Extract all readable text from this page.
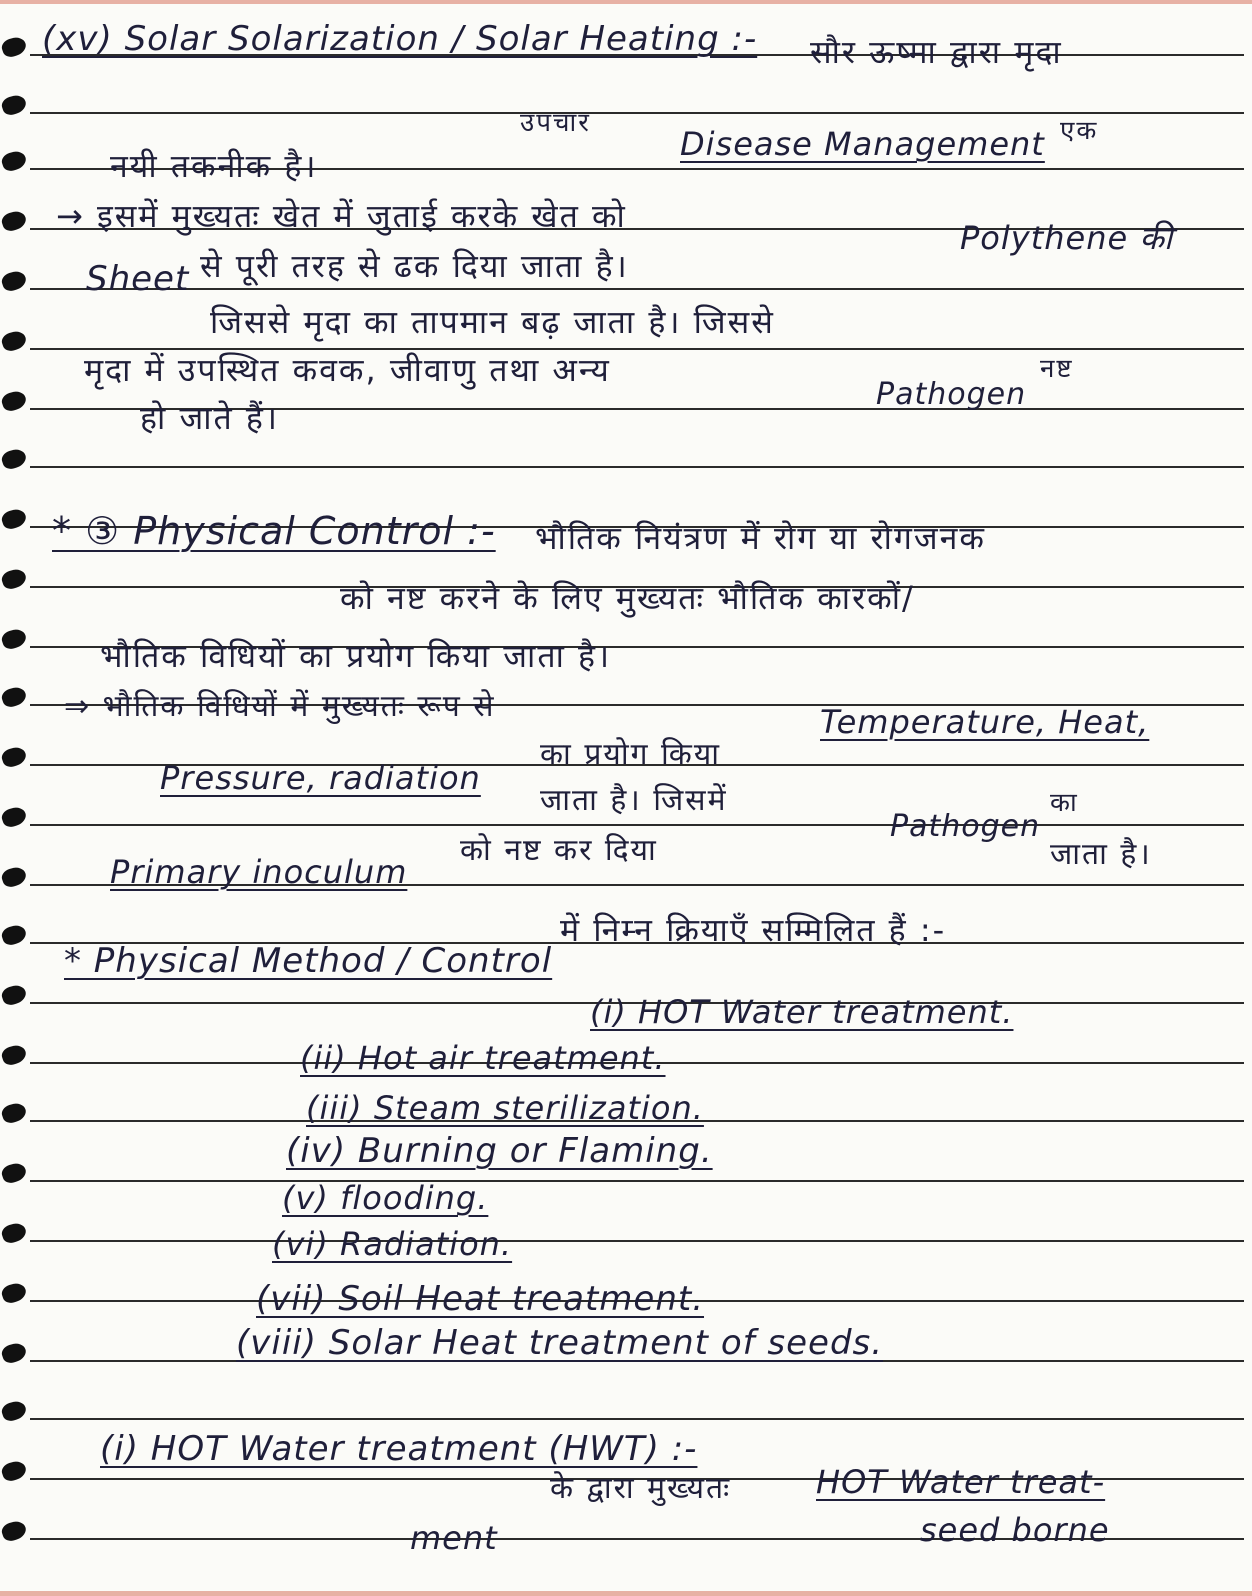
(xv) Solar Solarization / Solar Heating :- सौर ऊष्मा द्वारा मृदा
उपचार
Disease Management एक
नयी तकनीक है।
→ इसमें मुख्यतः खेत में जुताई करके खेत को
Polythene की
Sheet से पूरी तरह से ढक दिया जाता है।
जिससे मृदा का तापमान बढ़ जाता है। जिससे
मृदा में उपस्थित कवक, जीवाणु तथा अन्य
Pathogen
नष्ट
हो जाते हैं।
* ③ Physical Control :- भौतिक नियंत्रण में रोग या रोगजनक
को नष्ट करने के लिए मुख्यतः भौतिक कारकों/
भौतिक विधियों का प्रयोग किया जाता है।
⇒ भौतिक विधियों में मुख्यतः रूप से	Temperature, Heat,
का प्रयोग किया
Pressure, radiation
जाता है। जिसमें
Pathogen
का
को नष्ट कर दिया	जाता है।
Primary inoculum
* Physical Method / Control
में निम्न क्रियाएँ सम्मिलित हैं :-
(i) HOT Water treatment.
(ii) Hot air treatment.
(iii) Steam sterilization.
(iv) Burning or Flaming.
(v) flooding.
(vi) Radiation.
(vii) Soil Heat treatment.
(viii) Solar Heat treatment of seeds.
(i) HOT Water treatment (HWT) :-
के द्वारा मुख्यतः	HOT Water treat-
ment	seed borne
